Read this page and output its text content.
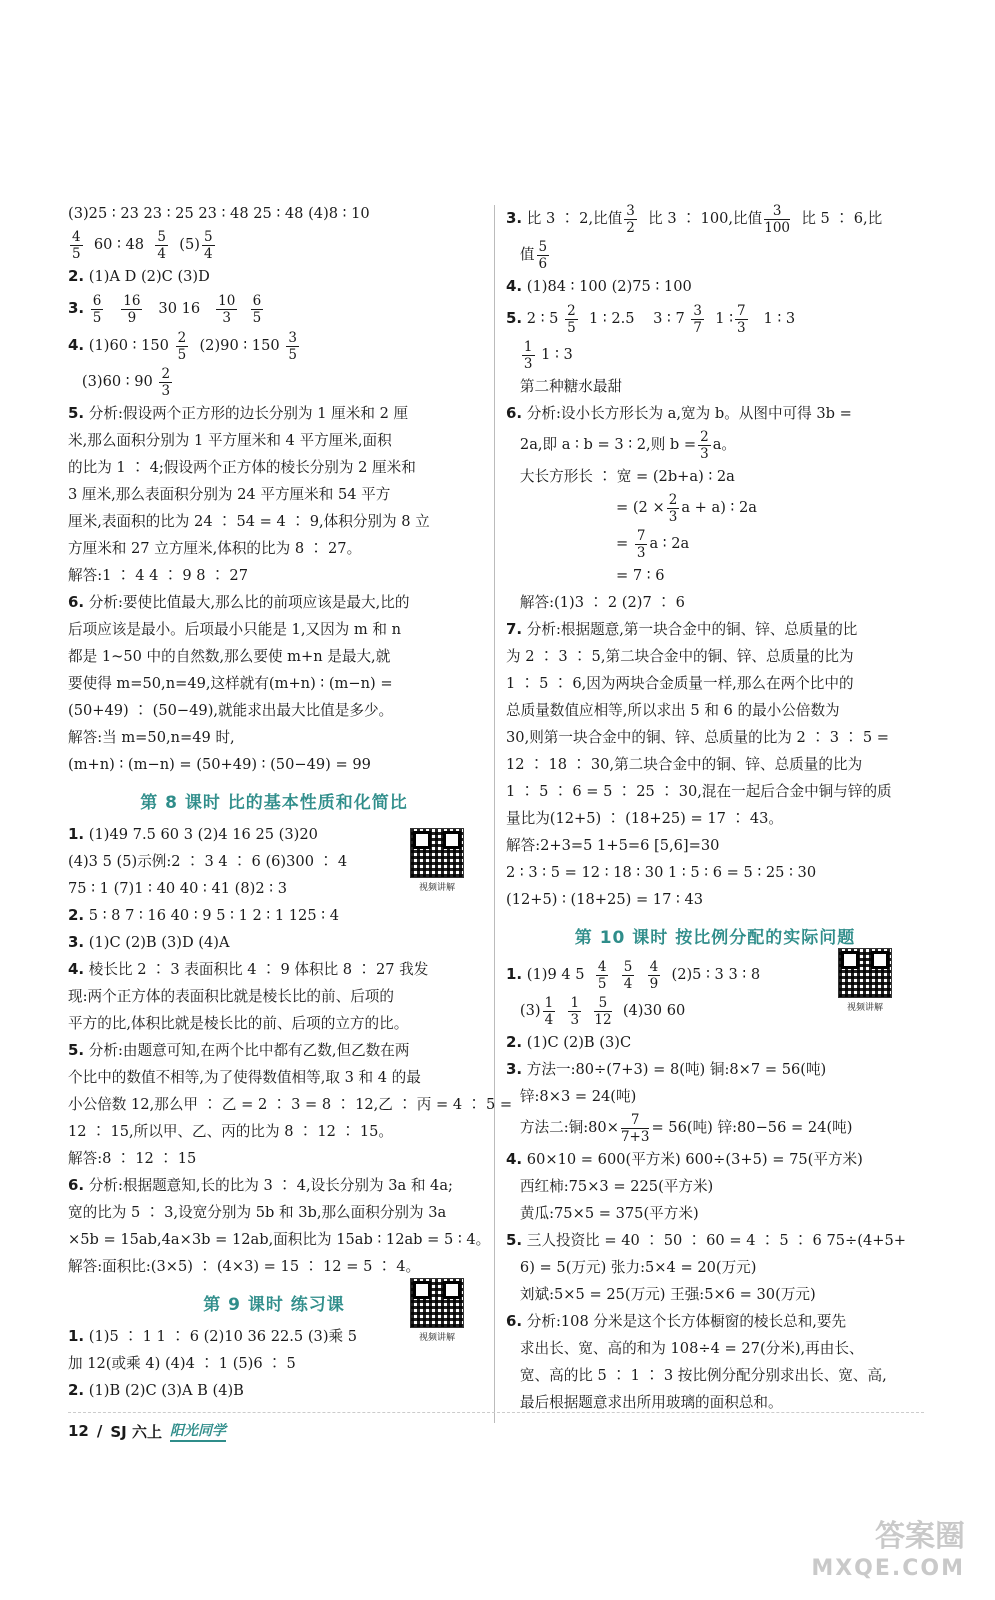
(3)25 ∶ 23 23 ∶ 25 23 ∶ 48 25 ∶ 48 (4)8 ∶ 10
$\frac{4}{5} 60$ ∶ $48 \frac{5}{4} (5) \frac{5}{4}$
2. (1)A D (2)C (3)D
3. $\frac{6}{5}$
$\frac{16}{9} 30$ $16 \frac{10}{3}$
$\frac{6}{5}$
4. (1)60 ∶ $150 \frac{2}{5} (2)90$ ∶ $150 \frac{3}{5}$
(3)60 ∶ $90 \frac{2}{3}$
5. 分析:假设两个正方形的边长分别为 1 厘米和 2 厘
米,那么面积分别为 1 平方厘米和 4 平方厘米,面积
的比为 1 ∶ 4;假设两个正方体的棱长分别为 2 厘米和
3 厘米,那么表面积分别为 24 平方厘米和 54 平方
厘米,表面积的比为 24 ∶ 54 = 4 ∶ 9,体积分别为 8 立
方厘米和 27 立方厘米,体积的比为 8 ∶ 27。
解答:1 ∶ 4 4 ∶ 9 8 ∶ 27
6. 分析:要使比值最大,那么比的前项应该是最大,比的
后项应该是最小。后项最小只能是 1,又因为 m 和 n
都是 1~50 中的自然数,那么要使 m+n 是最大,就
要使得 m=50,n=49,这样就有(m+n) ∶ (m−n) =
(50+49) ∶ (50−49),就能求出最大比值是多少。
解答:当 m=50,n=49 时,
(m+n) ∶ (m−n) = (50+49) ∶ (50−49) = 99
第 8 课时 比的基本性质和化简比
1. (1)49 7.5 60 3 (2)4 16 25 (3)20
(4)3 5 (5)示例:2 ∶ 3 4 ∶ 6 (6)300 ∶ 4
75 ∶ 1 (7)1 ∶ 40 40 ∶ 41 (8)2 ∶ 3
2. 5 ∶ 8 7 ∶ 16 40 ∶ 9 5 ∶ 1 2 ∶ 1 125 ∶ 4
3. (1)C (2)B (3)D (4)A
4. 棱长比 2 ∶ 3 表面积比 4 ∶ 9 体积比 8 ∶ 27 我发
现:两个正方体的表面积比就是棱长比的前、后项的
平方的比,体积比就是棱长比的前、后项的立方的比。
5. 分析:由题意可知,在两个比中都有乙数,但乙数在两
个比中的数值不相等,为了使得数值相等,取 3 和 4 的最
小公倍数 12,那么甲 ∶ 乙 = 2 ∶ 3 = 8 ∶ 12,乙 ∶ 丙 = 4 ∶ 5 =
12 ∶ 15,所以甲、乙、丙的比为 8 ∶ 12 ∶ 15。
解答:8 ∶ 12 ∶ 15
6. 分析:根据题意知,长的比为 3 ∶ 4,设长分别为 3a 和 4a;
宽的比为 5 ∶ 3,设宽分别为 5b 和 3b,那么面积分别为 3a
×5b = 15ab,4a×3b = 12ab,面积比为 15ab ∶ 12ab = 5 ∶ 4。
解答:面积比:(3×5) ∶ (4×3) = 15 ∶ 12 = 5 ∶ 4。
第 9 课时 练习课
1. (1)5 ∶ 1 1 ∶ 6 (2)10 36 22.5 (3)乘 5
加 12(或乘 4) (4)4 ∶ 1 (5)6 ∶ 5
2. (1)B (2)C (3)A B (4)B
3. 比 3 ∶ 2,比值 $\frac{3}{2}$ 比 3 ∶ 100,比值 $\frac{3}{100}$ 比 5 ∶ 6,比
值 $\frac{5}{6}$
4. (1)84 ∶ 100 (2)75 ∶ 100
5. 2 ∶ $5 \frac{2}{5} 1$ ∶ 2.5 3 ∶ $7 \frac{3}{7} 1$ ∶ $\frac{7}{3} 1$ ∶ 3

$\frac{1}{3} 1$ ∶ 3
第二种糖水最甜
6. 分析:设小长方形长为 a,宽为 b。从图中可得 3b =
2a,即 a ∶ b = 3 ∶ 2,则 $b = \frac{2}{3}$ a。
大长方形长 ∶ 宽 = (2b+a) ∶ 2a
= ($2 \times \frac{2}{3}$ a + a) ∶ 2a
= $\frac{7}{3}$ a ∶ 2a
= 7 ∶ 6
解答:(1)3 ∶ 2 (2)7 ∶ 6
7. 分析:根据题意,第一块合金中的铜、锌、总质量的比
为 2 ∶ 3 ∶ 5,第二块合金中的铜、锌、总质量的比为
1 ∶ 5 ∶ 6,因为两块合金质量一样,那么在两个比中的
总质量数值应相等,所以求出 5 和 6 的最小公倍数为
30,则第一块合金中的铜、锌、总质量的比为 2 ∶ 3 ∶ 5 =
12 ∶ 18 ∶ 30,第二块合金中的铜、锌、总质量的比为
1 ∶ 5 ∶ 6 = 5 ∶ 25 ∶ 30,混在一起后合金中铜与锌的质
量比为(12+5) ∶ (18+25) = 17 ∶ 43。
解答:2+3=5 1+5=6 [5,6]=30
2 ∶ 3 ∶ 5 = 12 ∶ 18 ∶ 30 1 ∶ 5 ∶ 6 = 5 ∶ 25 ∶ 30
(12+5) ∶ (18+25) = 17 ∶ 43
第 10 课时 按比例分配的实际问题
1. (1)9 4 $5 \frac{4}{5}$
$\frac{5}{4}$
$\frac{4}{9} (2)5$ ∶ 3 3 ∶ 8
$(3) \frac{1}{4}$
$\frac{1}{3}$
$\frac{5}{12} (4)30$ 60
2. (1)C (2)B (3)C
3. 方法一:80÷(7+3) = 8(吨) 铜:8×7 = 56(吨)
锌:8×3 = 24(吨)
方法二:铜:80× $\frac{7}{7+3} = 56$(吨) 锌:80−56 = 24(吨)
4. 60×10 = 600(平方米) 600÷(3+5) = 75(平方米)
西红柿:75×3 = 225(平方米)
黄瓜:75×5 = 375(平方米)
5. 三人投资比 = 40 ∶ 50 ∶ 60 = 4 ∶ 5 ∶ 6 75÷(4+5+
6) = 5(万元) 张力:5×4 = 20(万元)
刘斌:5×5 = 25(万元) 王强:5×6 = 30(万元)
6. 分析:108 分米是这个长方体橱窗的棱长总和,要先
求出长、宽、高的和为 108÷4 = 27(分米),再由长、
宽、高的比 5 ∶ 1 ∶ 3 按比例分配分别求出长、宽、高,
最后根据题意求出所用玻璃的面积总和。
视频讲解
视频讲解
视频讲解
12 / SJ 六上 阳光同学
答案圈
MXQE.COM
